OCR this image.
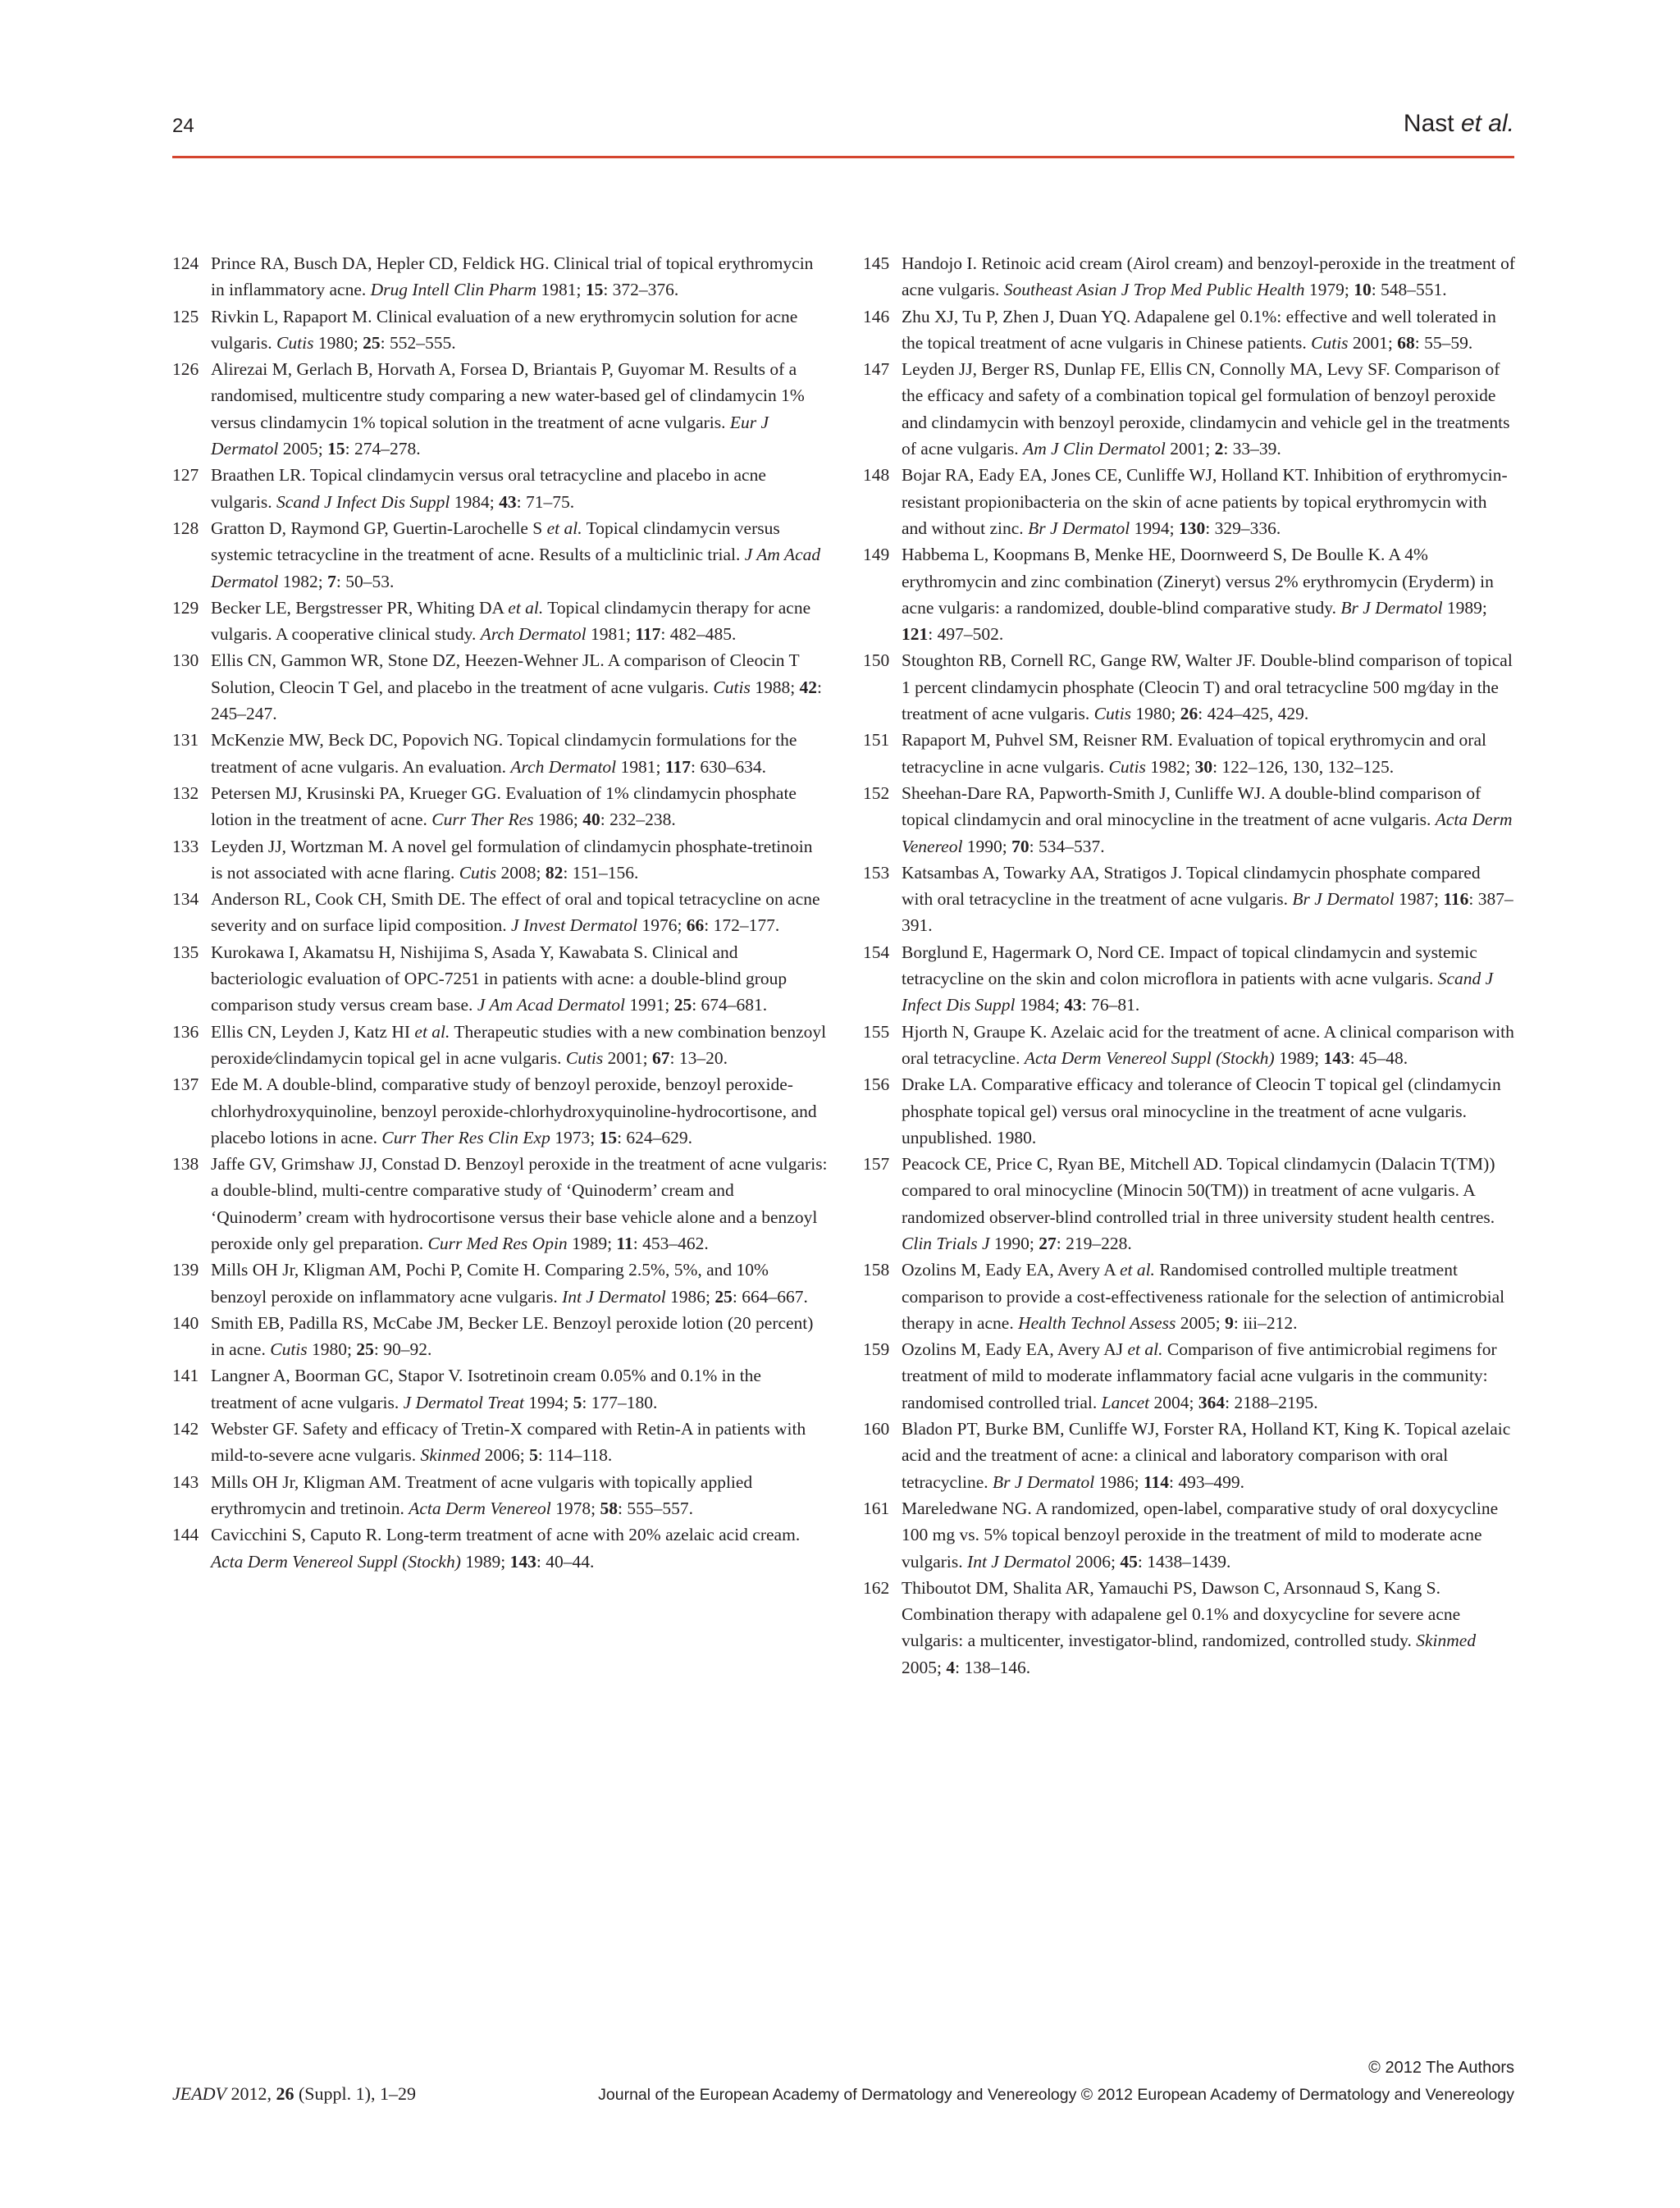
24	Nast et al.
124 Prince RA, Busch DA, Hepler CD, Feldick HG. Clinical trial of topical erythromycin in inflammatory acne. Drug Intell Clin Pharm 1981; 15: 372–376.
125 Rivkin L, Rapaport M. Clinical evaluation of a new erythromycin solution for acne vulgaris. Cutis 1980; 25: 552–555.
126 Alirezai M, Gerlach B, Horvath A, Forsea D, Briantais P, Guyomar M. Results of a randomised, multicentre study comparing a new water-based gel of clindamycin 1% versus clindamycin 1% topical solution in the treatment of acne vulgaris. Eur J Dermatol 2005; 15: 274–278.
127 Braathen LR. Topical clindamycin versus oral tetracycline and placebo in acne vulgaris. Scand J Infect Dis Suppl 1984; 43: 71–75.
128 Gratton D, Raymond GP, Guertin-Larochelle S et al. Topical clindamycin versus systemic tetracycline in the treatment of acne. Results of a multiclinic trial. J Am Acad Dermatol 1982; 7: 50–53.
129 Becker LE, Bergstresser PR, Whiting DA et al. Topical clindamycin therapy for acne vulgaris. A cooperative clinical study. Arch Dermatol 1981; 117: 482–485.
130 Ellis CN, Gammon WR, Stone DZ, Heezen-Wehner JL. A comparison of Cleocin T Solution, Cleocin T Gel, and placebo in the treatment of acne vulgaris. Cutis 1988; 42: 245–247.
131 McKenzie MW, Beck DC, Popovich NG. Topical clindamycin formulations for the treatment of acne vulgaris. An evaluation. Arch Dermatol 1981; 117: 630–634.
132 Petersen MJ, Krusinski PA, Krueger GG. Evaluation of 1% clindamycin phosphate lotion in the treatment of acne. Curr Ther Res 1986; 40: 232–238.
133 Leyden JJ, Wortzman M. A novel gel formulation of clindamycin phosphate-tretinoin is not associated with acne flaring. Cutis 2008; 82: 151–156.
134 Anderson RL, Cook CH, Smith DE. The effect of oral and topical tetracycline on acne severity and on surface lipid composition. J Invest Dermatol 1976; 66: 172–177.
135 Kurokawa I, Akamatsu H, Nishijima S, Asada Y, Kawabata S. Clinical and bacteriologic evaluation of OPC-7251 in patients with acne: a double-blind group comparison study versus cream base. J Am Acad Dermatol 1991; 25: 674–681.
136 Ellis CN, Leyden J, Katz HI et al. Therapeutic studies with a new combination benzoyl peroxide⁄clindamycin topical gel in acne vulgaris. Cutis 2001; 67: 13–20.
137 Ede M. A double-blind, comparative study of benzoyl peroxide, benzoyl peroxide-chlorhydroxyquinoline, benzoyl peroxide-chlorhydroxyquinoline-hydrocortisone, and placebo lotions in acne. Curr Ther Res Clin Exp 1973; 15: 624–629.
138 Jaffe GV, Grimshaw JJ, Constad D. Benzoyl peroxide in the treatment of acne vulgaris: a double-blind, multi-centre comparative study of ‘Quinoderm’ cream and ‘Quinoderm’ cream with hydrocortisone versus their base vehicle alone and a benzoyl peroxide only gel preparation. Curr Med Res Opin 1989; 11: 453–462.
139 Mills OH Jr, Kligman AM, Pochi P, Comite H. Comparing 2.5%, 5%, and 10% benzoyl peroxide on inflammatory acne vulgaris. Int J Dermatol 1986; 25: 664–667.
140 Smith EB, Padilla RS, McCabe JM, Becker LE. Benzoyl peroxide lotion (20 percent) in acne. Cutis 1980; 25: 90–92.
141 Langner A, Boorman GC, Stapor V. Isotretinoin cream 0.05% and 0.1% in the treatment of acne vulgaris. J Dermatol Treat 1994; 5: 177–180.
142 Webster GF. Safety and efficacy of Tretin-X compared with Retin-A in patients with mild-to-severe acne vulgaris. Skinmed 2006; 5: 114–118.
143 Mills OH Jr, Kligman AM. Treatment of acne vulgaris with topically applied erythromycin and tretinoin. Acta Derm Venereol 1978; 58: 555–557.
144 Cavicchini S, Caputo R. Long-term treatment of acne with 20% azelaic acid cream. Acta Derm Venereol Suppl (Stockh) 1989; 143: 40–44.
145 Handojo I. Retinoic acid cream (Airol cream) and benzoyl-peroxide in the treatment of acne vulgaris. Southeast Asian J Trop Med Public Health 1979; 10: 548–551.
146 Zhu XJ, Tu P, Zhen J, Duan YQ. Adapalene gel 0.1%: effective and well tolerated in the topical treatment of acne vulgaris in Chinese patients. Cutis 2001; 68: 55–59.
147 Leyden JJ, Berger RS, Dunlap FE, Ellis CN, Connolly MA, Levy SF. Comparison of the efficacy and safety of a combination topical gel formulation of benzoyl peroxide and clindamycin with benzoyl peroxide, clindamycin and vehicle gel in the treatments of acne vulgaris. Am J Clin Dermatol 2001; 2: 33–39.
148 Bojar RA, Eady EA, Jones CE, Cunliffe WJ, Holland KT. Inhibition of erythromycin-resistant propionibacteria on the skin of acne patients by topical erythromycin with and without zinc. Br J Dermatol 1994; 130: 329–336.
149 Habbema L, Koopmans B, Menke HE, Doornweerd S, De Boulle K. A 4% erythromycin and zinc combination (Zineryt) versus 2% erythromycin (Eryderm) in acne vulgaris: a randomized, double-blind comparative study. Br J Dermatol 1989; 121: 497–502.
150 Stoughton RB, Cornell RC, Gange RW, Walter JF. Double-blind comparison of topical 1 percent clindamycin phosphate (Cleocin T) and oral tetracycline 500 mg⁄day in the treatment of acne vulgaris. Cutis 1980; 26: 424–425, 429.
151 Rapaport M, Puhvel SM, Reisner RM. Evaluation of topical erythromycin and oral tetracycline in acne vulgaris. Cutis 1982; 30: 122–126, 130, 132–125.
152 Sheehan-Dare RA, Papworth-Smith J, Cunliffe WJ. A double-blind comparison of topical clindamycin and oral minocycline in the treatment of acne vulgaris. Acta Derm Venereol 1990; 70: 534–537.
153 Katsambas A, Towarky AA, Stratigos J. Topical clindamycin phosphate compared with oral tetracycline in the treatment of acne vulgaris. Br J Dermatol 1987; 116: 387–391.
154 Borglund E, Hagermark O, Nord CE. Impact of topical clindamycin and systemic tetracycline on the skin and colon microflora in patients with acne vulgaris. Scand J Infect Dis Suppl 1984; 43: 76–81.
155 Hjorth N, Graupe K. Azelaic acid for the treatment of acne. A clinical comparison with oral tetracycline. Acta Derm Venereol Suppl (Stockh) 1989; 143: 45–48.
156 Drake LA. Comparative efficacy and tolerance of Cleocin T topical gel (clindamycin phosphate topical gel) versus oral minocycline in the treatment of acne vulgaris. unpublished. 1980.
157 Peacock CE, Price C, Ryan BE, Mitchell AD. Topical clindamycin (Dalacin T(TM)) compared to oral minocycline (Minocin 50(TM)) in treatment of acne vulgaris. A randomized observer-blind controlled trial in three university student health centres. Clin Trials J 1990; 27: 219–228.
158 Ozolins M, Eady EA, Avery A et al. Randomised controlled multiple treatment comparison to provide a cost-effectiveness rationale for the selection of antimicrobial therapy in acne. Health Technol Assess 2005; 9: iii–212.
159 Ozolins M, Eady EA, Avery AJ et al. Comparison of five antimicrobial regimens for treatment of mild to moderate inflammatory facial acne vulgaris in the community: randomised controlled trial. Lancet 2004; 364: 2188–2195.
160 Bladon PT, Burke BM, Cunliffe WJ, Forster RA, Holland KT, King K. Topical azelaic acid and the treatment of acne: a clinical and laboratory comparison with oral tetracycline. Br J Dermatol 1986; 114: 493–499.
161 Mareledwane NG. A randomized, open-label, comparative study of oral doxycycline 100 mg vs. 5% topical benzoyl peroxide in the treatment of mild to moderate acne vulgaris. Int J Dermatol 2006; 45: 1438–1439.
162 Thiboutot DM, Shalita AR, Yamauchi PS, Dawson C, Arsonnaud S, Kang S. Combination therapy with adapalene gel 0.1% and doxycycline for severe acne vulgaris: a multicenter, investigator-blind, randomized, controlled study. Skinmed 2005; 4: 138–146.
© 2012 The Authors
JEADV 2012, 26 (Suppl. 1), 1–29	Journal of the European Academy of Dermatology and Venereology © 2012 European Academy of Dermatology and Venereology
